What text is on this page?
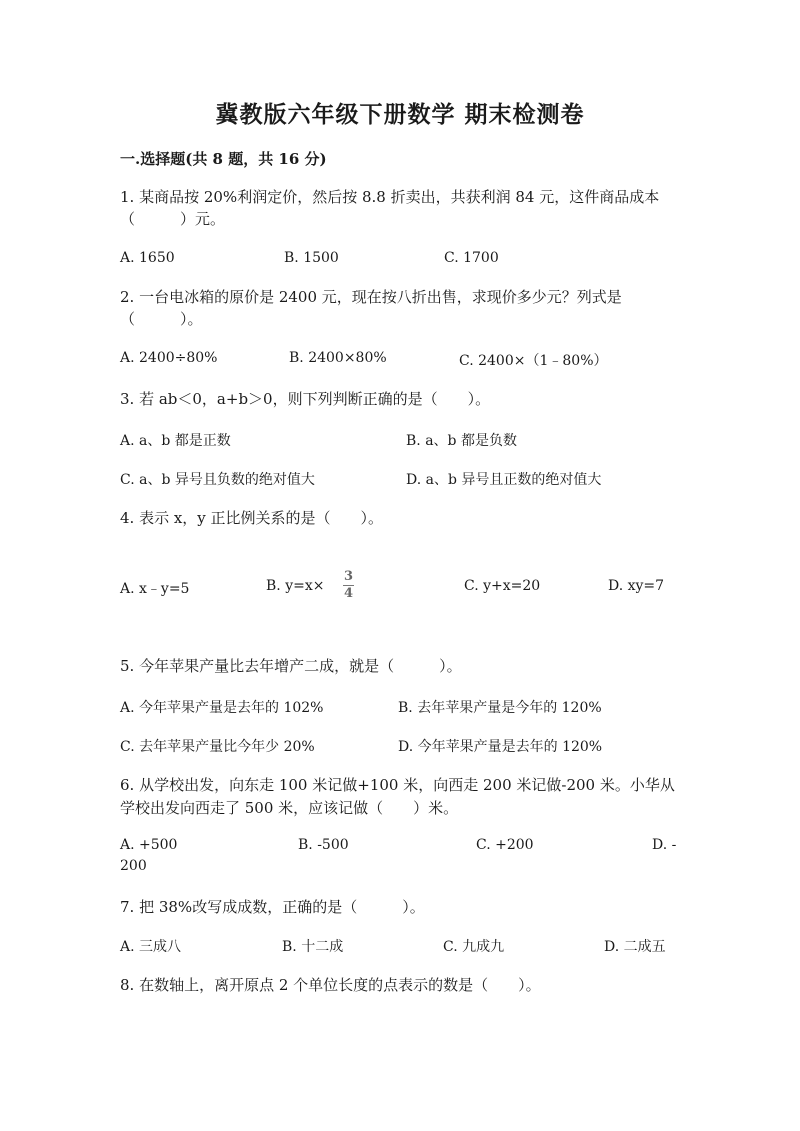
冀教版六年级下册数学 期末检测卷
一.选择题(共 8 题，共 16 分)
1. 某商品按 20%利润定价，然后按 8.8 折卖出，共获利润 84 元，这件商品成本
（　　　）元。
A. 1650	B. 1500	C. 1700
2. 一台电冰箱的原价是 2400 元，现在按八折出售，求现价多少元？列式是
（　　　）。
A. 2400÷80%	B. 2400×80%	C. 2400×（1﹣80%）
3. 若 ab＜0，a+b＞0，则下列判断正确的是（　　）。
A. a、b 都是正数	B. a、b 都是负数
C. a、b 异号且负数的绝对值大	D. a、b 异号且正数的绝对值大
4. 表示 x，y 正比例关系的是（　　）。
A. x﹣y=5	B. y=x×
3
4	C. y+x=20	D. xy=7
5. 今年苹果产量比去年增产二成，就是（　　　）。
A. 今年苹果产量是去年的 102%	B. 去年苹果产量是今年的 120%
C. 去年苹果产量比今年少 20%	D. 今年苹果产量是去年的 120%
6. 从学校出发，向东走 100 米记做+100 米，向西走 200 米记做-200 米。小华从
学校出发向西走了 500 米，应该记做（　　）米。
A. +500	B. -500	C. +200	D. -
200
7. 把 38%改写成成数，正确的是（　　　）。
A. 三成八	B. 十二成	C. 九成九	D. 二成五
8. 在数轴上，离开原点 2 个单位长度的点表示的数是（　　）。
